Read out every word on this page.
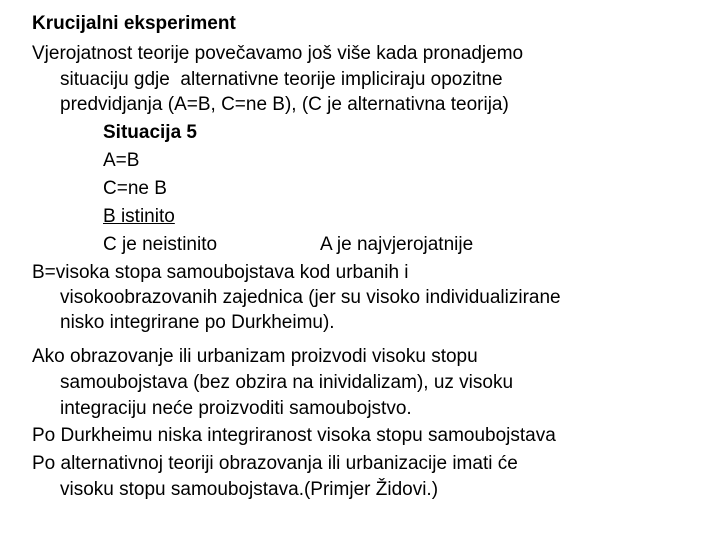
Krucijalni eksperiment
Vjerojatnost teorije povečavamo još više kada pronadjemo
situaciju gdje  alternativne teorije impliciraju opozitne
predvidjanja (A=B, C=ne B), (C je alternativna teorija)
Situacija 5
A=B
C=ne B
B istinito
C je neistinito	A je najvjerojatnije
B=visoka stopa samoubojstava kod urbanih i
visokoobrazovanih zajednica (jer su visoko individualizirane
nisko integrirane po Durkheimu).
Ako obrazovanje ili urbanizam proizvodi visoku stopu
samoubojstava (bez obzira na inividalizam), uz visoku
integraciju neće proizvoditi samoubojstvo.
Po Durkheimu niska integriranost visoka stopu samoubojstava
Po alternativnoj teoriji obrazovanja ili urbanizacije imati će
visoku stopu samoubojstava.(Primjer Židovi.)
